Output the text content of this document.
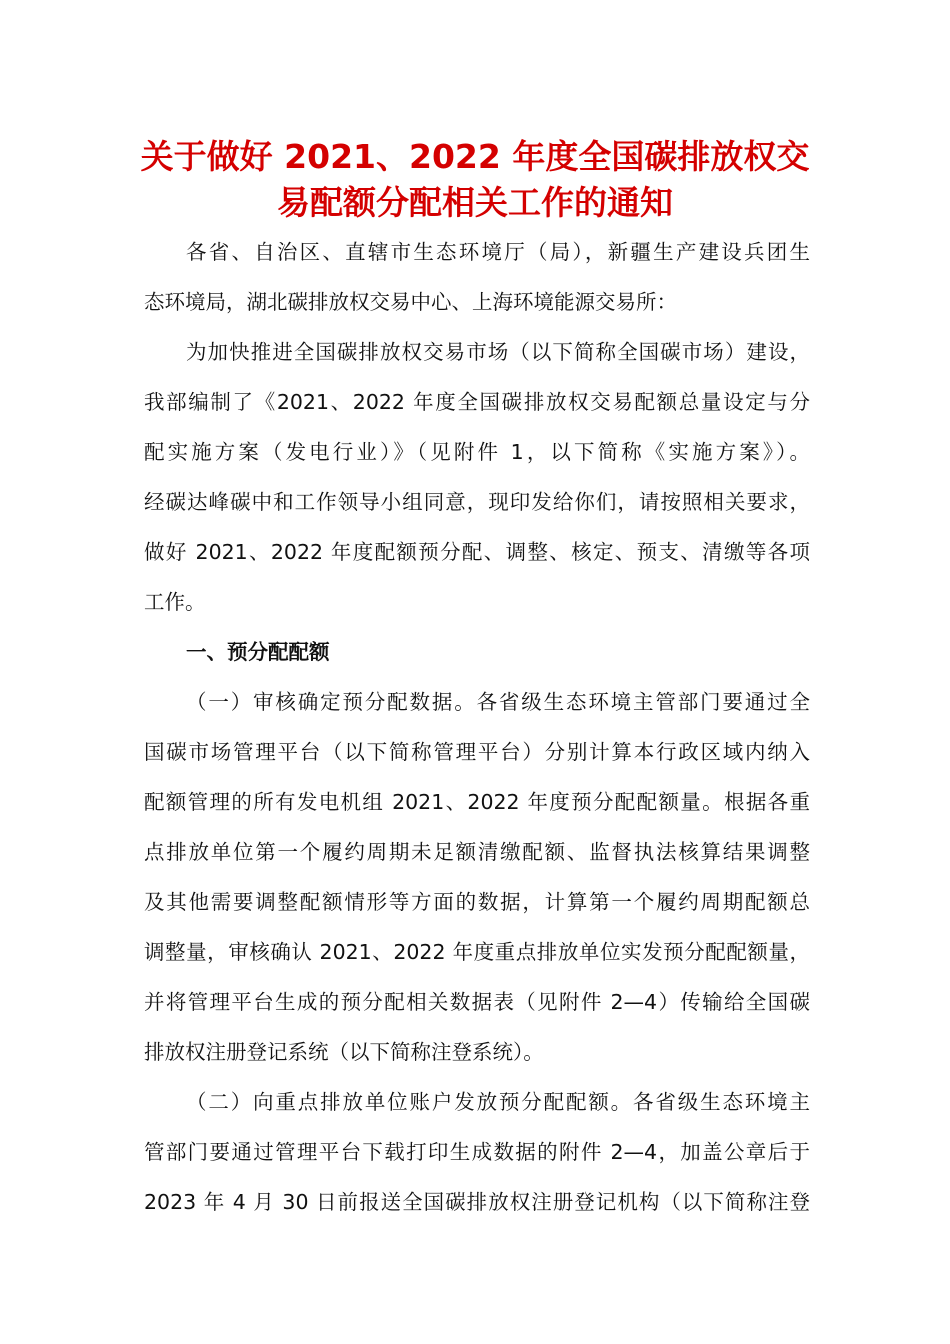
关于做好 2021、2022 年度全国碳排放权交
易配额分配相关工作的通知
各省、自治区、直辖市生态环境厅（局），新疆生产建设兵团生
态环境局，湖北碳排放权交易中心、上海环境能源交易所：
为加快推进全国碳排放权交易市场（以下简称全国碳市场）建设，
我部编制了《2021、2022 年度全国碳排放权交易配额总量设定与分
配实施方案（发电行业）》（见附件 1，以下简称《实施方案》）。
经碳达峰碳中和工作领导小组同意，现印发给你们，请按照相关要求，
做好 2021、2022 年度配额预分配、调整、核定、预支、清缴等各项
工作。
一、预分配配额
（一）审核确定预分配数据。各省级生态环境主管部门要通过全
国碳市场管理平台（以下简称管理平台）分别计算本行政区域内纳入
配额管理的所有发电机组 2021、2022 年度预分配配额量。根据各重
点排放单位第一个履约周期未足额清缴配额、监督执法核算结果调整
及其他需要调整配额情形等方面的数据，计算第一个履约周期配额总
调整量，审核确认 2021、2022 年度重点排放单位实发预分配配额量，
并将管理平台生成的预分配相关数据表（见附件 2—4）传输给全国碳
排放权注册登记系统（以下简称注登系统）。
（二）向重点排放单位账户发放预分配配额。各省级生态环境主
管部门要通过管理平台下载打印生成数据的附件 2—4，加盖公章后于
2023 年 4 月 30 日前报送全国碳排放权注册登记机构（以下简称注登
